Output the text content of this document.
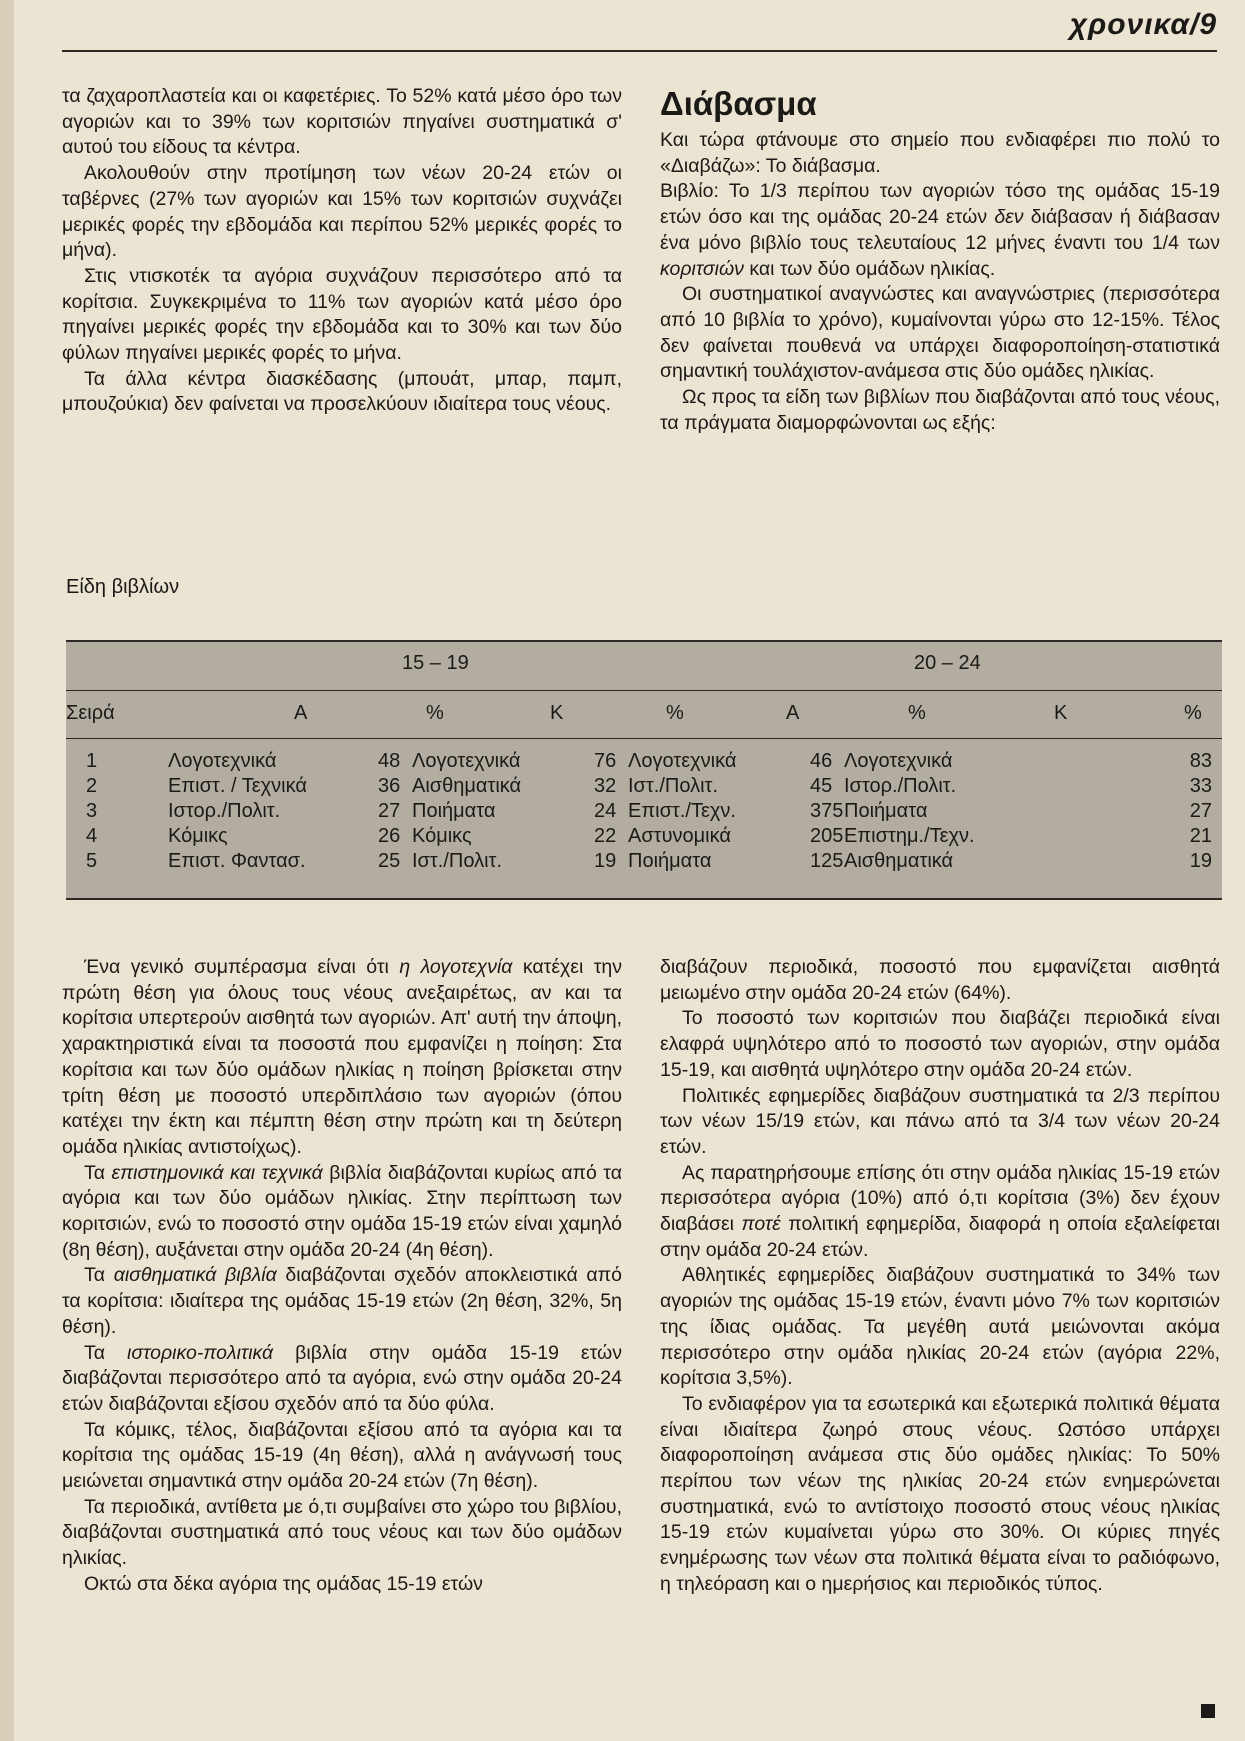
χρονικα/9

τα ζαχαροπλαστεία και οι καφετέριες. Το 52% κατά μέσο όρο των αγοριών και το 39% των κοριτσιών πηγαίνει συστηματικά σ' αυτού του είδους τα κέντρα.

Ακολουθούν στην προτίμηση των νέων 20-24 ετών οι ταβέρνες (27% των αγοριών και 15% των κοριτσιών συχνάζει μερικές φορές την εβδομάδα και περίπου 52% μερικές φορές το μήνα).

Στις ντισκοτέκ τα αγόρια συχνάζουν περισσότερο από τα κορίτσια. Συγκεκριμένα το 11% των αγοριών κατά μέσο όρο πηγαίνει μερικές φορές την εβδομάδα και το 30% και των δύο φύλων πηγαίνει μερικές φορές το μήνα.

Τα άλλα κέντρα διασκέδασης (μπουάτ, μπαρ, παμπ, μπουζούκια) δεν φαίνεται να προσελκύουν ιδιαίτερα τους νέους.

Διάβασμα

Και τώρα φτάνουμε στο σημείο που ενδιαφέρει πιο πολύ το «Διαβάζω»: Το διάβασμα.

Βιβλίο: Το 1/3 περίπου των αγοριών τόσο της ομάδας 15-19 ετών όσο και της ομάδας 20-24 ετών δεν διάβασαν ή διάβασαν ένα μόνο βιβλίο τους τελευταίους 12 μήνες έναντι του 1/4 των κοριτσιών και των δύο ομάδων ηλικίας.

Οι συστηματικοί αναγνώστες και αναγνώστριες (περισσότερα από 10 βιβλία το χρόνο), κυμαίνονται γύρω στο 12-15%. Τέλος δεν φαίνεται πουθενά να υπάρχει διαφοροποίηση-στατιστικά σημαντική τουλάχιστον-ανάμεσα στις δύο ομάδες ηλικίας.

Ως προς τα είδη των βιβλίων που διαβάζονται από τους νέους, τα πράγματα διαμορφώνονται ως εξής:

Είδη βιβλίων
15 – 19	20 – 24
Σειρά	Α	%	Κ	%	Α	%	Κ	%
1	Λογοτεχνικά	48 Λογοτεχνικά	76 Λογοτεχνικά	46 Λογοτεχνικά	83
2	Επιστ. / Τεχνικά	36 Αισθηματικά	32 Ιστ./Πολιτ.	45 Ιστορ./Πολιτ.	33
3	Ιστορ./Πολιτ.	27 Ποιήματα	24 Επιστ./Τεχν.	375 Ποιήματα	27
4	Κόμικς	26 Κόμικς	22 Αστυνομικά	205 Επιστημ./Τεχν.	21
5	Επιστ. Φαντασ.	25 Ιστ./Πολιτ.	19 Ποιήματα	125 Αισθηματικά	19

Ένα γενικό συμπέρασμα είναι ότι η λογοτεχνία κατέχει την πρώτη θέση για όλους τους νέους ανεξαιρέτως, αν και τα κορίτσια υπερτερούν αισθητά των αγοριών. Απ' αυτή την άποψη, χαρακτηριστικά είναι τα ποσοστά που εμφανίζει η ποίηση: Στα κορίτσια και των δύο ομάδων ηλικίας η ποίηση βρίσκεται στην τρίτη θέση με ποσοστό υπερδιπλάσιο των αγοριών (όπου κατέχει την έκτη και πέμπτη θέση στην πρώτη και τη δεύτερη ομάδα ηλικίας αντιστοίχως).

Τα επιστημονικά και τεχνικά βιβλία διαβάζονται κυρίως από τα αγόρια και των δύο ομάδων ηλικίας. Στην περίπτωση των κοριτσιών, ενώ το ποσοστό στην ομάδα 15-19 ετών είναι χαμηλό (8η θέση), αυξάνεται στην ομάδα 20-24 (4η θέση).

Τα αισθηματικά βιβλία διαβάζονται σχεδόν αποκλειστικά από τα κορίτσια: ιδιαίτερα της ομάδας 15-19 ετών (2η θέση, 32%, 5η θέση).

Τα ιστορικο-πολιτικά βιβλία στην ομάδα 15-19 ετών διαβάζονται περισσότερο από τα αγόρια, ενώ στην ομάδα 20-24 ετών διαβάζονται εξίσου σχεδόν από τα δύο φύλα.

Τα κόμικς, τέλος, διαβάζονται εξίσου από τα αγόρια και τα κορίτσια της ομάδας 15-19 (4η θέση), αλλά η ανάγνωσή τους μειώνεται σημαντικά στην ομάδα 20-24 ετών (7η θέση).

Τα περιοδικά, αντίθετα με ό,τι συμβαίνει στο χώρο του βιβλίου, διαβάζονται συστηματικά από τους νέους και των δύο ομάδων ηλικίας.

Οκτώ στα δέκα αγόρια της ομάδας 15-19 ετών

διαβάζουν περιοδικά, ποσοστό που εμφανίζεται αισθητά μειωμένο στην ομάδα 20-24 ετών (64%).

Το ποσοστό των κοριτσιών που διαβάζει περιοδικά είναι ελαφρά υψηλότερο από το ποσοστό των αγοριών, στην ομάδα 15-19, και αισθητά υψηλότερο στην ομάδα 20-24 ετών.

Πολιτικές εφημερίδες διαβάζουν συστηματικά τα 2/3 περίπου των νέων 15/19 ετών, και πάνω από τα 3/4 των νέων 20-24 ετών.

Ας παρατηρήσουμε επίσης ότι στην ομάδα ηλικίας 15-19 ετών περισσότερα αγόρια (10%) από ό,τι κορίτσια (3%) δεν έχουν διαβάσει ποτέ πολιτική εφημερίδα, διαφορά η οποία εξαλείφεται στην ομάδα 20-24 ετών.

Αθλητικές εφημερίδες διαβάζουν συστηματικά το 34% των αγοριών της ομάδας 15-19 ετών, έναντι μόνο 7% των κοριτσιών της ίδιας ομάδας. Τα μεγέθη αυτά μειώνονται ακόμα περισσότερο στην ομάδα ηλικίας 20-24 ετών (αγόρια 22%, κορίτσια 3,5%).

Το ενδιαφέρον για τα εσωτερικά και εξωτερικά πολιτικά θέματα είναι ιδιαίτερα ζωηρό στους νέους. Ωστόσο υπάρχει διαφοροποίηση ανάμεσα στις δύο ομάδες ηλικίας: Το 50% περίπου των νέων της ηλικίας 20-24 ετών ενημερώνεται συστηματικά, ενώ το αντίστοιχο ποσοστό στους νέους ηλικίας 15-19 ετών κυμαίνεται γύρω στο 30%. Οι κύριες πηγές ενημέρωσης των νέων στα πολιτικά θέματα είναι το ραδιόφωνο, η τηλεόραση και ο ημερήσιος και περιοδικός τύπος.
